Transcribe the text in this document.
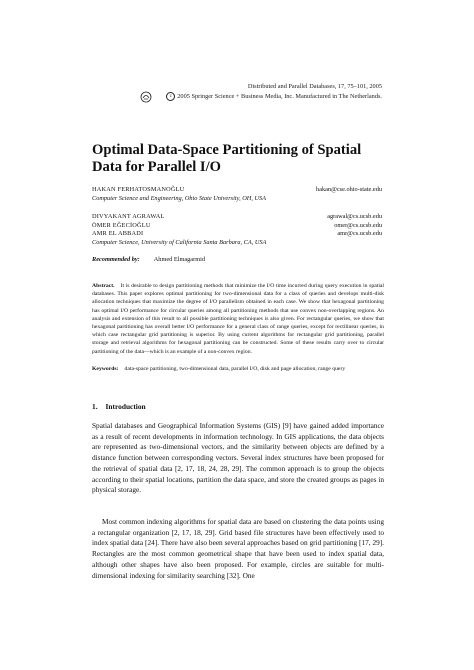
Distributed and Parallel Databases, 17, 75–101, 2005
c 2005 Springer Science + Business Media, Inc. Manufactured in The Netherlands.
Optimal Data-Space Partitioning of Spatial Data for Parallel I/O
HAKAN FERHATOSMANOĞLU	hakan@cse.ohio-state.edu
Computer Science and Engineering, Ohio State University, OH, USA
DIVYAKANT AGRAWAL	agrawal@cs.ucsb.edu
ÖMER EĞECİOĞLU	omer@cs.ucsb.edu
AMR EL ABBADI	amr@cs.ucsb.edu
Computer Science, University of California Santa Barbara, CA, USA
Recommended by: Ahmed Elmagarmid

Abstract. It is desirable to design partitioning methods that minimize the I/O time incurred during query execution in spatial databases. This paper explores optimal partitioning for two-dimensional data for a class of queries and develops multi-disk allocation techniques that maximize the degree of I/O parallelism obtained in each case. We show that hexagonal partitioning has optimal I/O performance for circular queries among all partitioning methods that use convex non-overlapping regions. An analysis and extension of this result to all possible partitioning techniques is also given. For rectangular queries, we show that hexagonal partitioning has overall better I/O performance for a general class of range queries, except for rectilinear queries, in which case rectangular grid partitioning is superior. By using current algorithms for rectangular grid partitioning, parallel storage and retrieval algorithms for hexagonal partitioning can be constructed. Some of these results carry over to circular partitioning of the data—which is an example of a non-convex region.

Keywords: data-space partitioning, two-dimensional data, parallel I/O, disk and page allocation, range query
1. Introduction

Spatial databases and Geographical Information Systems (GIS) [9] have gained added importance as a result of recent developments in information technology. In GIS applications, the data objects are represented as two-dimensional vectors, and the similarity between objects are defined by a distance function between corresponding vectors. Several index structures have been proposed for the retrieval of spatial data [2, 17, 18, 24, 28, 29]. The common approach is to group the objects according to their spatial locations, partition the data space, and store the created groups as pages in physical storage.

Most common indexing algorithms for spatial data are based on clustering the data points using a rectangular organization [2, 17, 18, 29]. Grid based file structures have been effectively used to index spatial data [24]. There have also been several approaches based on grid partitioning [17, 29]. Rectangles are the most common geometrical shape that have been used to index spatial data, although other shapes have also been proposed. For example, circles are suitable for multi-dimensional indexing for similarity searching [32]. One
